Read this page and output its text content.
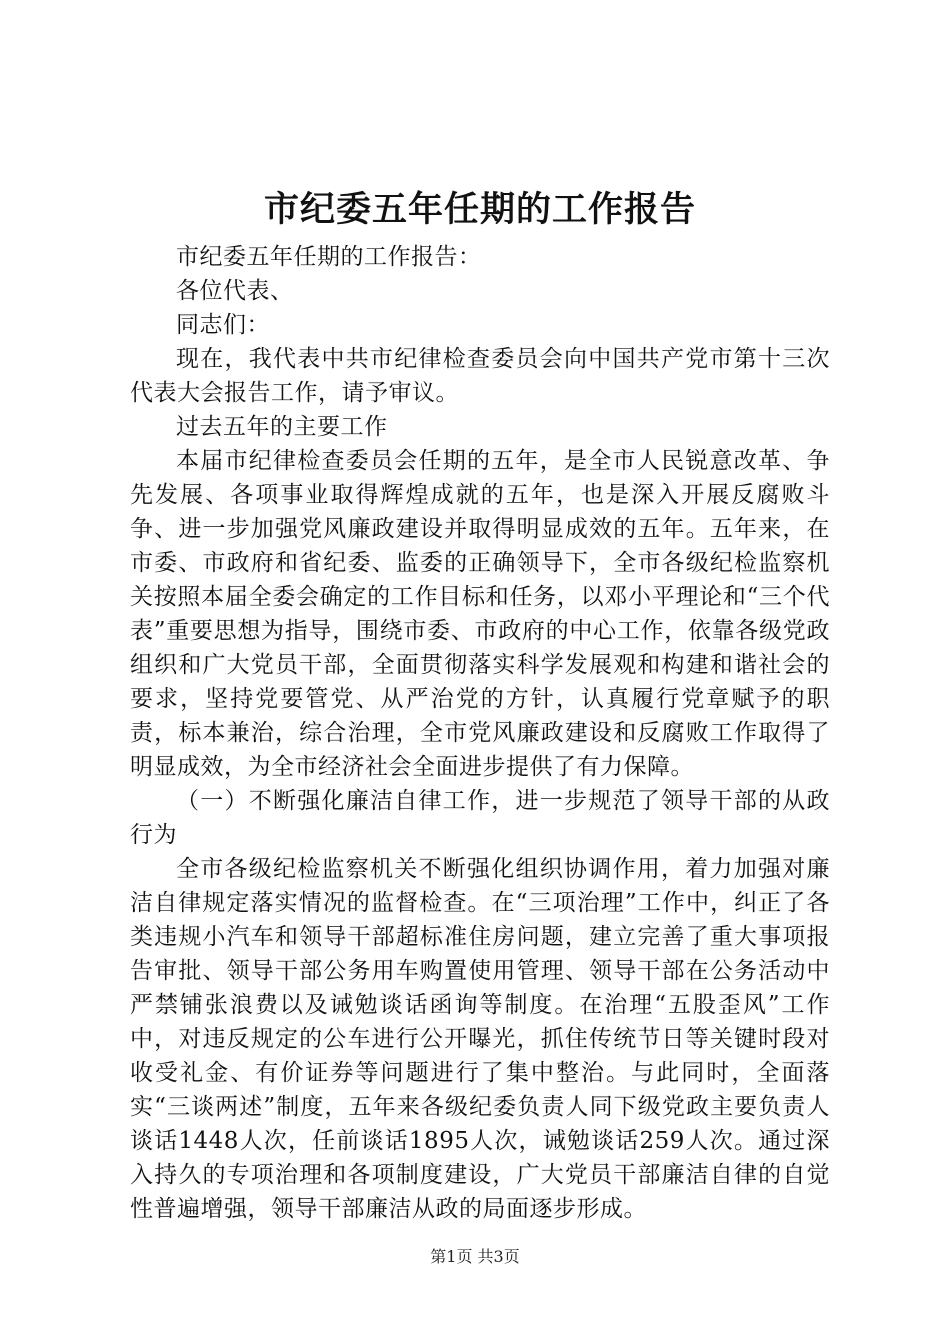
市纪委五年任期的工作报告

市纪委五年任期的工作报告：

各位代表、

同志们：

现在，我代表中共市纪律检查委员会向中国共产党市第十三次代表大会报告工作，请予审议。

过去五年的主要工作

本届市纪律检查委员会任期的五年，是全市人民锐意改革、争先发展、各项事业取得辉煌成就的五年，也是深入开展反腐败斗争、进一步加强党风廉政建设并取得明显成效的五年。五年来，在市委、市政府和省纪委、监委的正确领导下，全市各级纪检监察机关按照本届全委会确定的工作目标和任务，以邓小平理论和“三个代表”重要思想为指导，围绕市委、市政府的中心工作，依靠各级党政组织和广大党员干部，全面贯彻落实科学发展观和构建和谐社会的要求，坚持党要管党、从严治党的方针，认真履行党章赋予的职责，标本兼治，综合治理，全市党风廉政建设和反腐败工作取得了明显成效，为全市经济社会全面进步提供了有力保障。

（一）不断强化廉洁自律工作，进一步规范了领导干部的从政行为

全市各级纪检监察机关不断强化组织协调作用，着力加强对廉洁自律规定落实情况的监督检查。在“三项治理”工作中，纠正了各类违规小汽车和领导干部超标准住房问题，建立完善了重大事项报告审批、领导干部公务用车购置使用管理、领导干部在公务活动中严禁铺张浪费以及诫勉谈话函询等制度。在治理“五股歪风”工作中，对违反规定的公车进行公开曝光，抓住传统节日等关键时段对收受礼金、有价证券等问题进行了集中整治。与此同时，全面落实“三谈两述”制度，五年来各级纪委负责人同下级党政主要负责人谈话1448人次，任前谈话1895人次，诫勉谈话259人次。通过深入持久的专项治理和各项制度建设，广大党员干部廉洁自律的自觉性普遍增强，领导干部廉洁从政的局面逐步形成。

第1页 共3页
